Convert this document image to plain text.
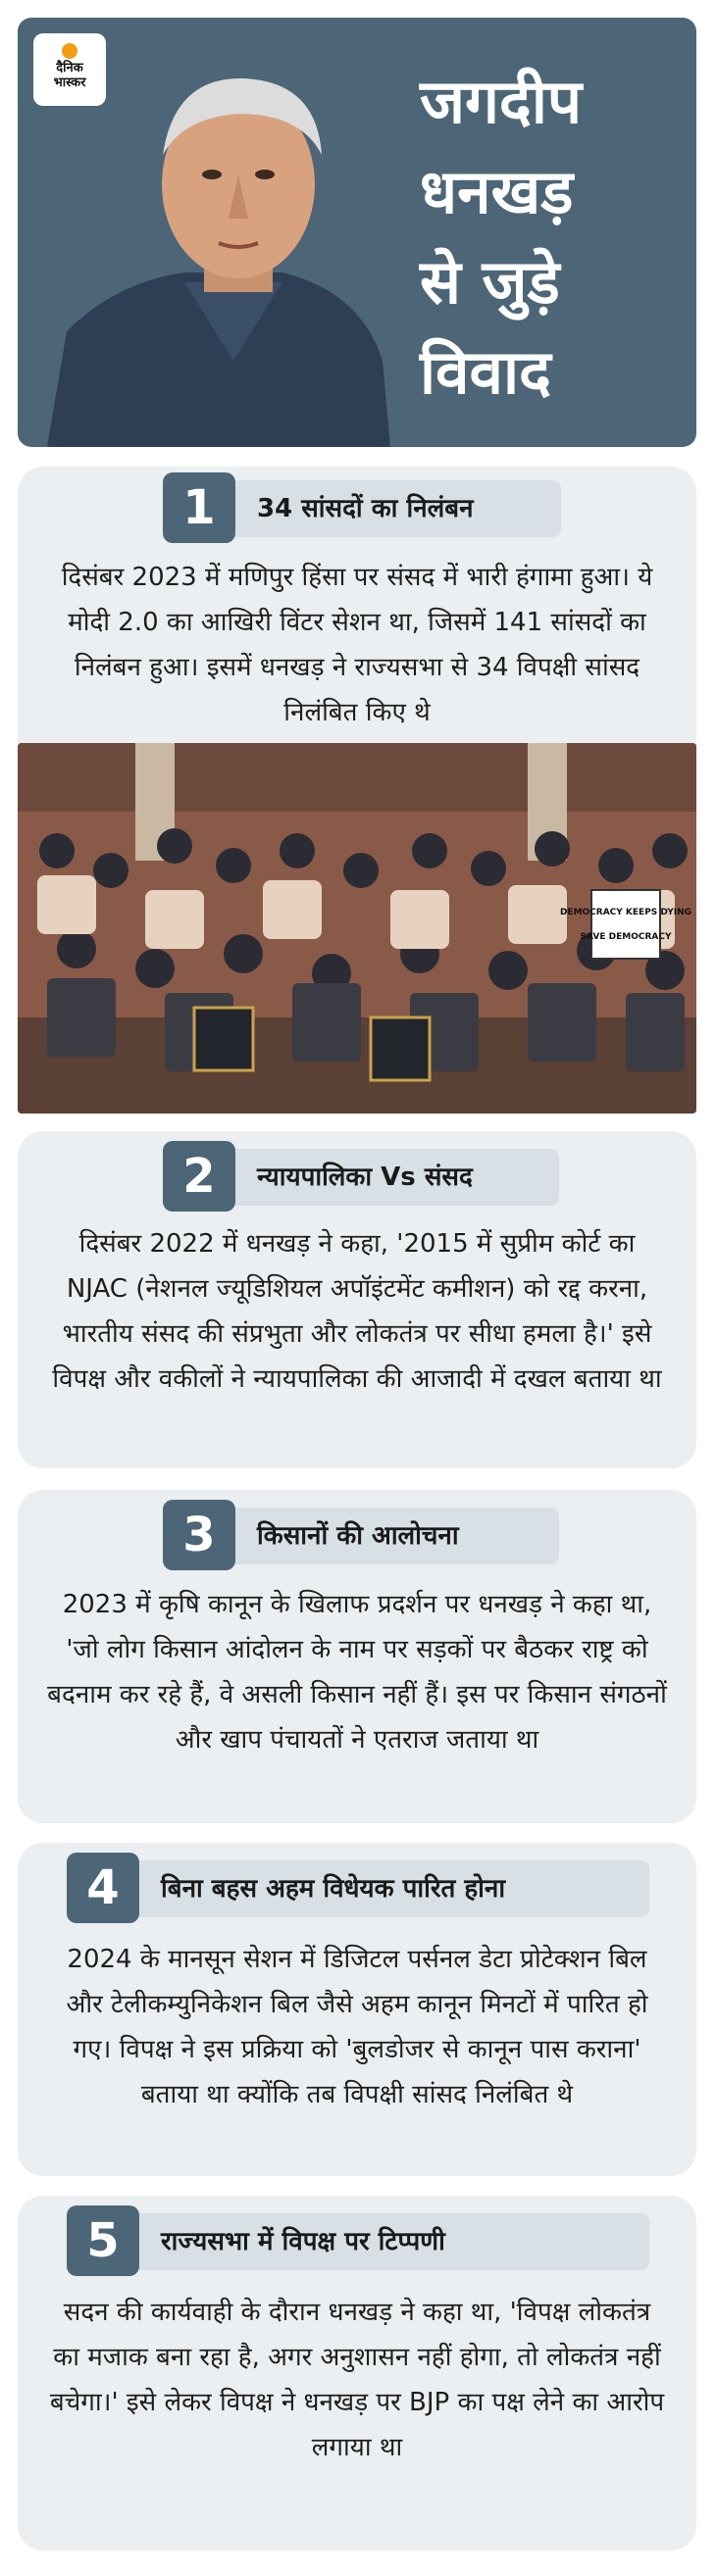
दैनिक
भास्कर	जगदीप
धनखड़
से जुड़े
विवाद
1	34 सांसदों का निलंबन
दिसंबर 2023 में मणिपुर हिंसा पर संसद में भारी हंगामा हुआ। ये मोदी 2.0 का आखिरी विंटर सेशन था, जिसमें 141 सांसदों का निलंबन हुआ। इसमें धनखड़ ने राज्यसभा से 34 विपक्षी सांसद निलंबित किए थे
DEMOCRACY KEEPS DYING
SAVE DEMOCRACY
2	न्यायपालिका Vs संसद
दिसंबर 2022 में धनखड़ ने कहा, '2015 में सुप्रीम कोर्ट का NJAC (नेशनल ज्यूडिशियल अपॉइंटमेंट कमीशन) को रद्द करना, भारतीय संसद की संप्रभुता और लोकतंत्र पर सीधा हमला है।' इसे विपक्ष और वकीलों ने न्यायपालिका की आजादी में दखल बताया था
3	किसानों की आलोचना
2023 में कृषि कानून के खिलाफ प्रदर्शन पर धनखड़ ने कहा था, 'जो लोग किसान आंदोलन के नाम पर सड़कों पर बैठकर राष्ट्र को बदनाम कर रहे हैं, वे असली किसान नहीं हैं। इस पर किसान संगठनों और खाप पंचायतों ने एतराज जताया था
4	बिना बहस अहम विधेयक पारित होना
2024 के मानसून सेशन में डिजिटल पर्सनल डेटा प्रोटेक्शन बिल और टेलीकम्युनिकेशन बिल जैसे अहम कानून मिनटों में पारित हो गए। विपक्ष ने इस प्रक्रिया को 'बुलडोजर से कानून पास कराना' बताया था क्योंकि तब विपक्षी सांसद निलंबित थे
5	राज्यसभा में विपक्ष पर टिप्पणी
सदन की कार्यवाही के दौरान धनखड़ ने कहा था, 'विपक्ष लोकतंत्र का मजाक बना रहा है, अगर अनुशासन नहीं होगा, तो लोकतंत्र नहीं बचेगा।' इसे लेकर विपक्ष ने धनखड़ पर BJP का पक्ष लेने का आरोप लगाया था
